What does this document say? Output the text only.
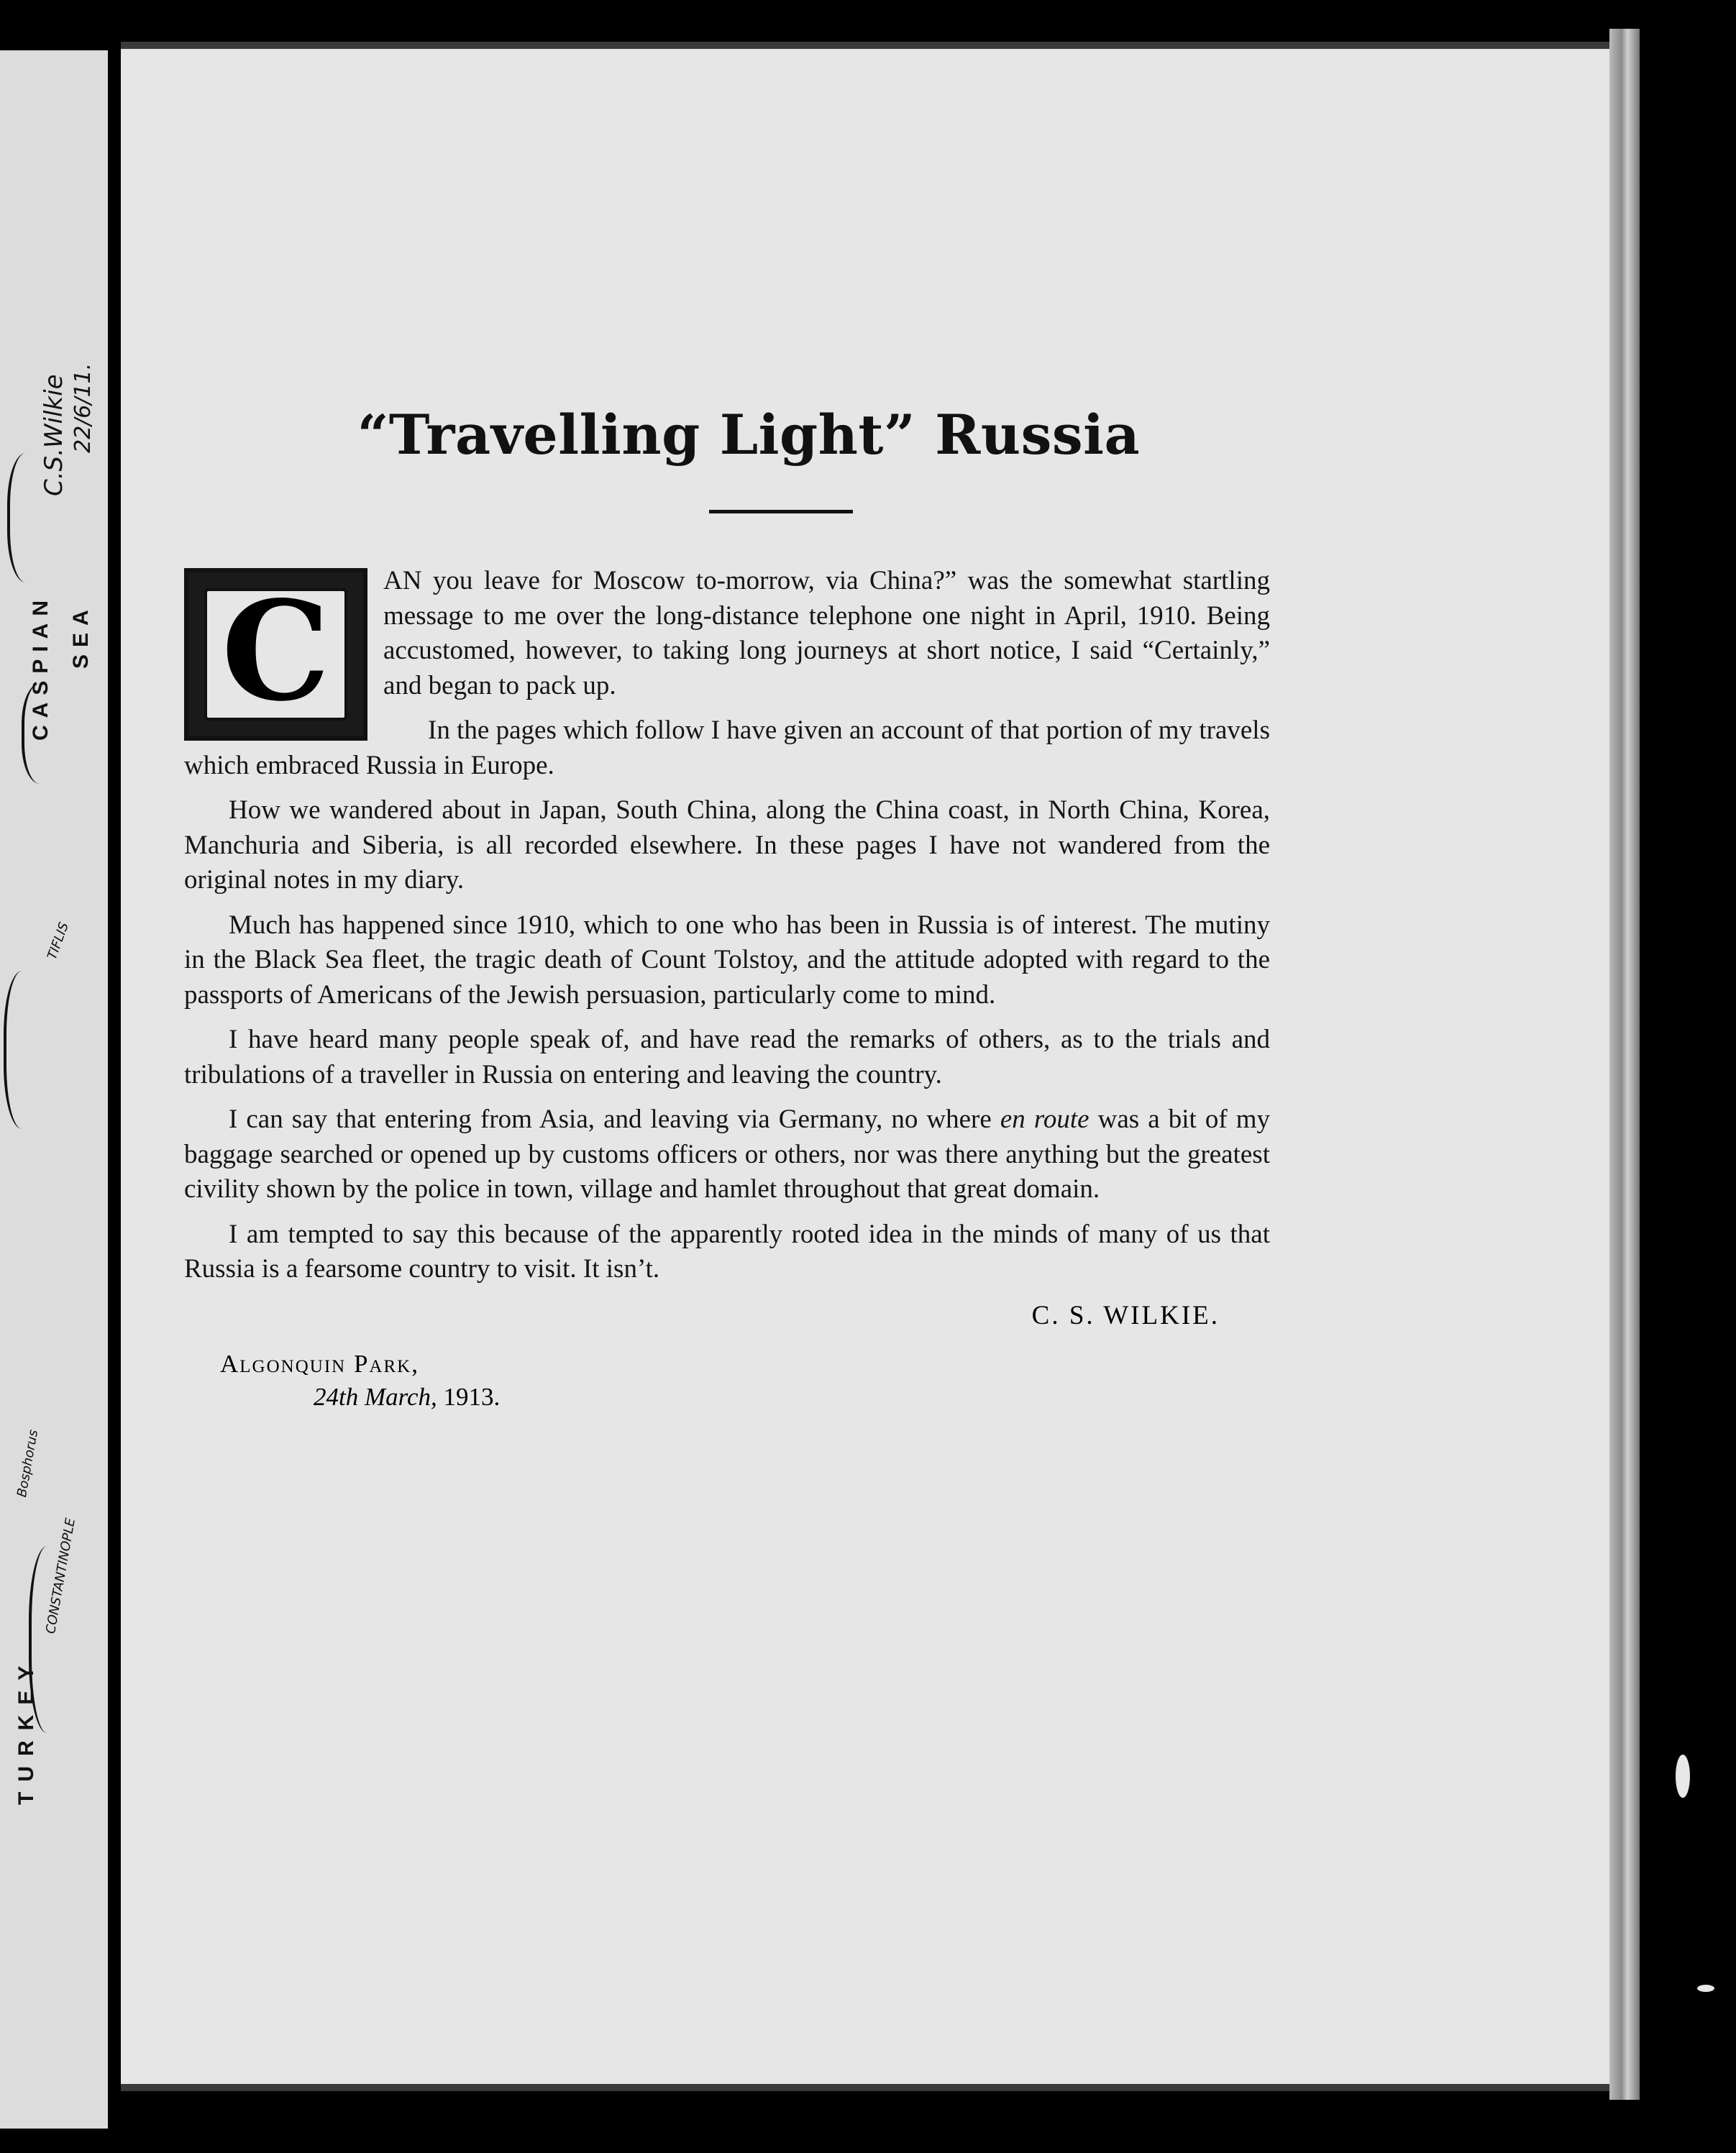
C.S.Wilkie 22/6/11.
SEA
CASPIAN
TIFLIS
TURKEY
CONSTANTINOPLE
Bosphorus
“Travelling Light” Russia

C AN you leave for Moscow to-morrow, via China?” was the somewhat startling message to me over the long-distance telephone one night in April, 1910. Being accustomed, however, to taking long journeys at short notice, I said “Certainly,” and began to pack up.

In the pages which follow I have given an account of that portion of my travels which embraced Russia in Europe.

How we wandered about in Japan, South China, along the China coast, in North China, Korea, Manchuria and Siberia, is all recorded elsewhere. In these pages I have not wandered from the original notes in my diary.

Much has happened since 1910, which to one who has been in Russia is of interest. The mutiny in the Black Sea fleet, the tragic death of Count Tolstoy, and the attitude adopted with regard to the passports of Americans of the Jewish persuasion, particularly come to mind.

I have heard many people speak of, and have read the remarks of others, as to the trials and tribulations of a traveller in Russia on entering and leaving the country.

I can say that entering from Asia, and leaving via Germany, no where en route was a bit of my baggage searched or opened up by customs officers or others, nor was there anything but the greatest civility shown by the police in town, village and hamlet throughout that great domain.

I am tempted to say this because of the apparently rooted idea in the minds of many of us that Russia is a fearsome country to visit. It isn’t.

C. S. WILKIE.
Algonquin Park,
24th March, 1913.
